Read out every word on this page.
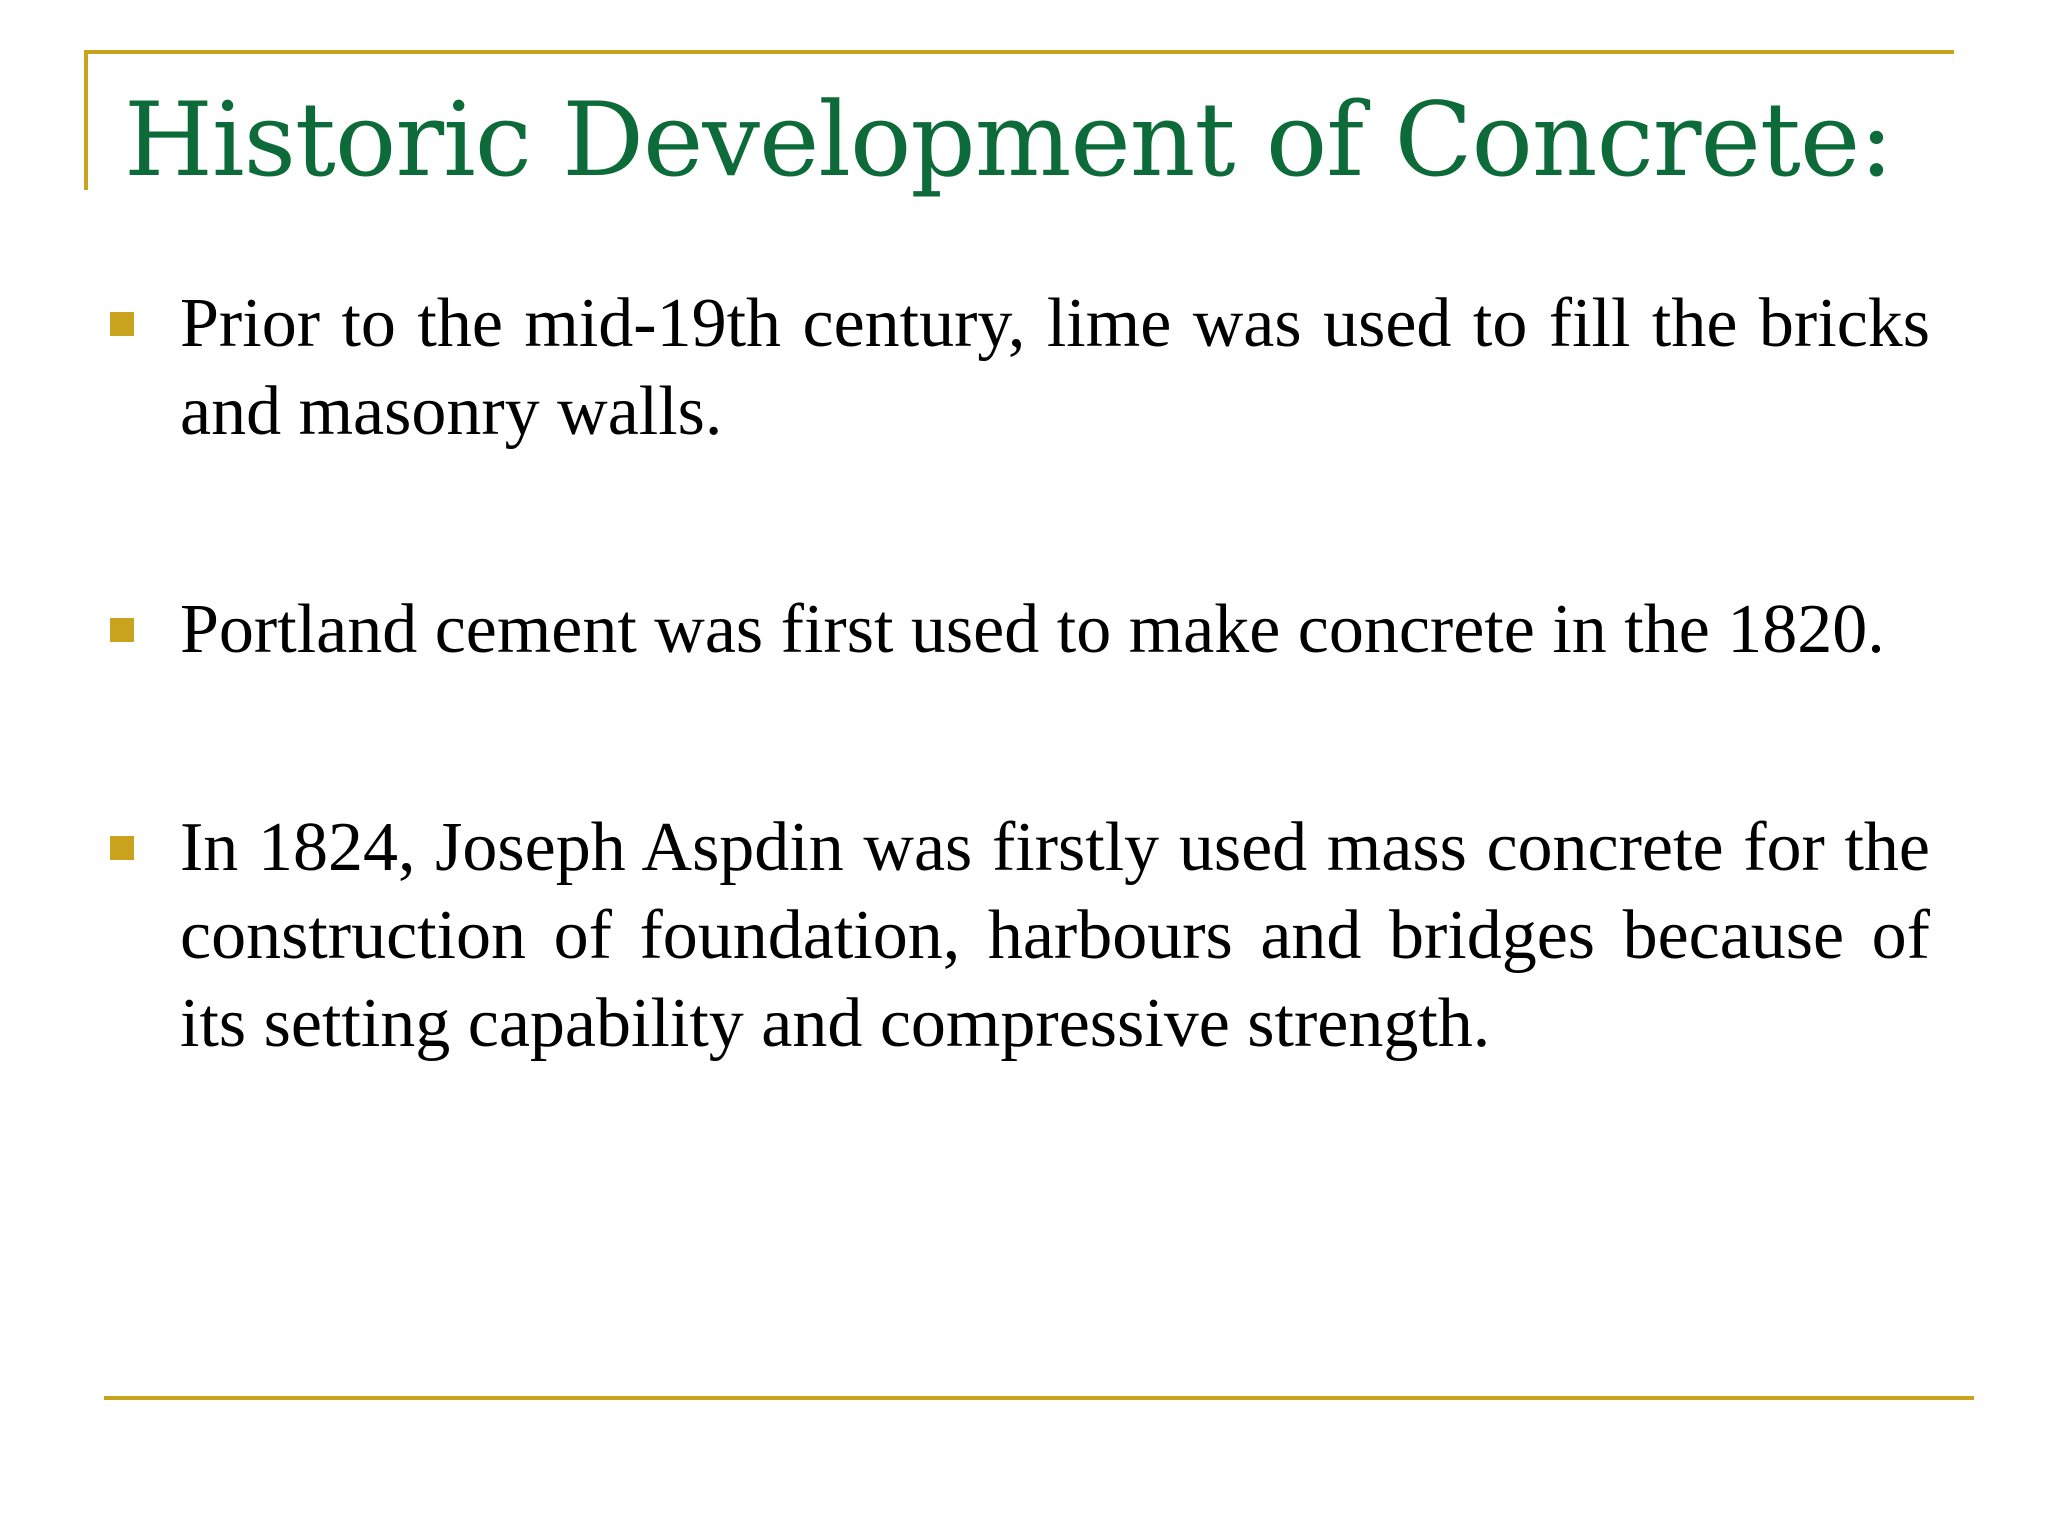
Historic Development of Concrete:
Prior to the mid-19th century, lime was used to fill the bricks and masonry walls.
Portland cement was first used to make concrete in the 1820.
In 1824, Joseph Aspdin was firstly used mass concrete for the construction of foundation, harbours and bridges because of its setting capability and compressive strength.
